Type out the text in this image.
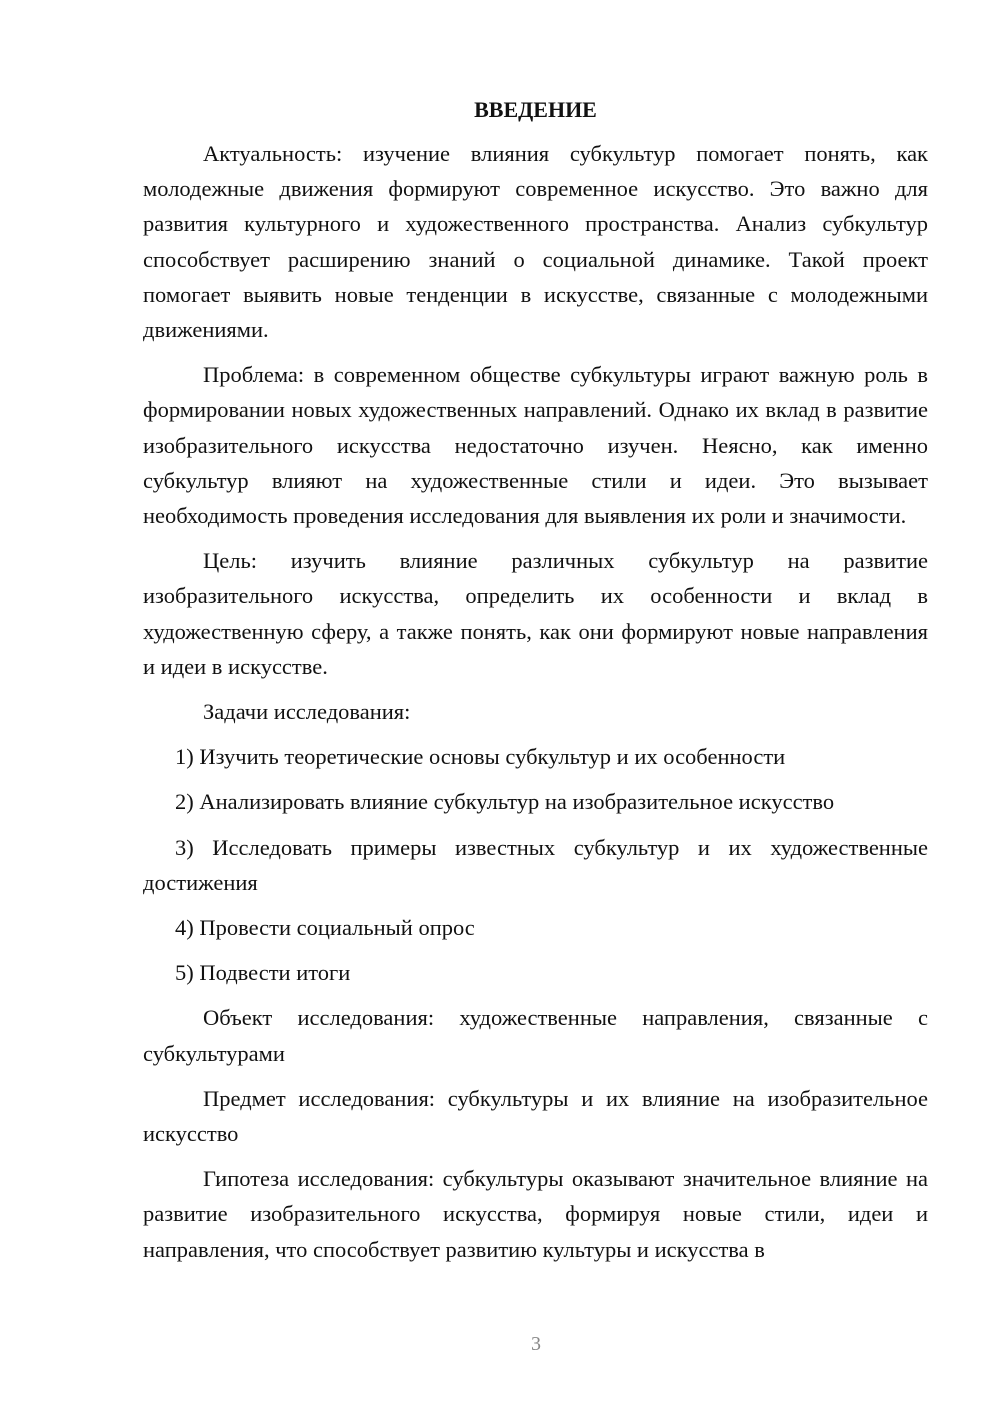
ВВЕДЕНИЕ

Актуальность: изучение влияния субкультур помогает понять, как молодежные движения формируют современное искусство. Это важно для развития культурного и художественного пространства. Анализ субкультур способствует расширению знаний о социальной динамике. Такой проект помогает выявить новые тенденции в искусстве, связанные с молодежными движениями.

Проблема: в современном обществе субкультуры играют важную роль в формировании новых художественных направлений. Однако их вклад в развитие изобразительного искусства недостаточно изучен. Неясно, как именно субкультур влияют на художественные стили и идеи. Это вызывает необходимость проведения исследования для выявления их роли и значимости.

Цель: изучить влияние различных субкультур на развитие изобразительного искусства, определить их особенности и вклад в художественную сферу, а также понять, как они формируют новые направления и идеи в искусстве.

Задачи исследования:

1) Изучить теоретические основы субкультур и их особенности

2) Анализировать влияние субкультур на изобразительное искусство

3) Исследовать примеры известных субкультур и их художественные достижения

4) Провести социальный опрос

5) Подвести итоги

Объект исследования: художественные направления, связанные с субкультурами

Предмет исследования: субкультуры и их влияние на изобразительное искусство

Гипотеза исследования: субкультуры оказывают значительное влияние на развитие изобразительного искусства, формируя новые стили, идеи и направления, что способствует развитию культуры и искусства в

3
